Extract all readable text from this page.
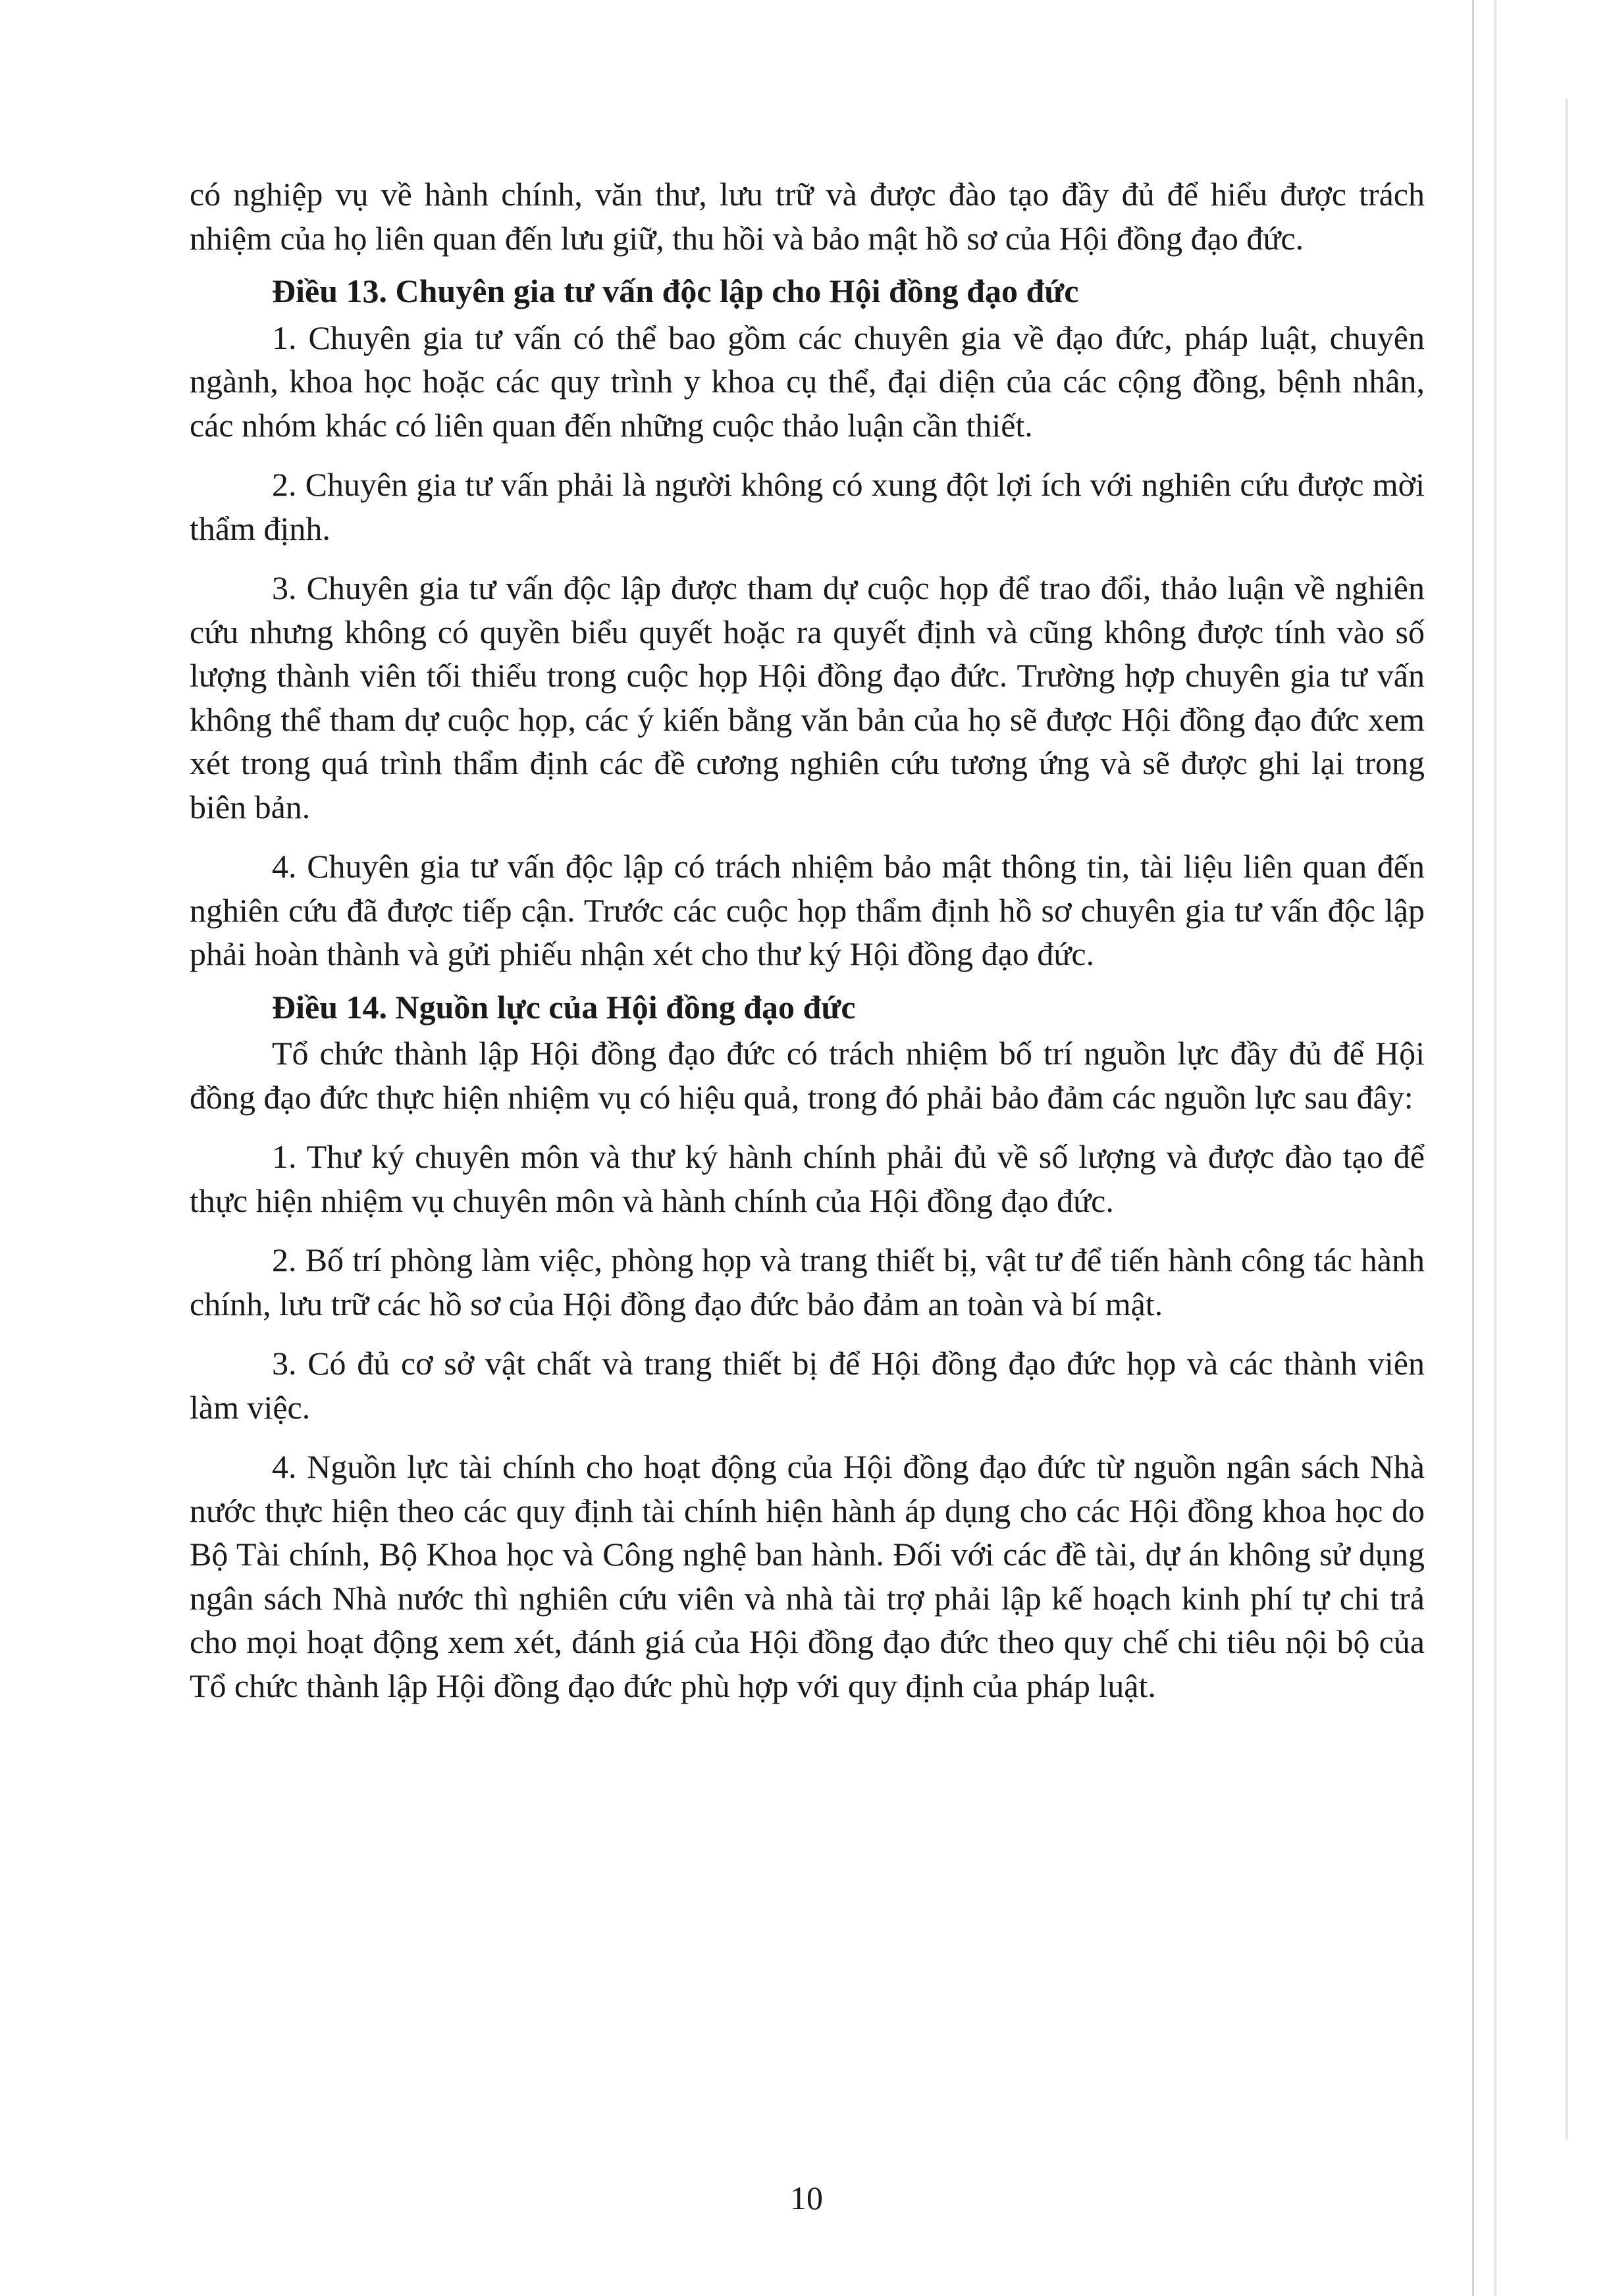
có nghiệp vụ về hành chính, văn thư, lưu trữ và được đào tạo đầy đủ để hiểu được trách nhiệm của họ liên quan đến lưu giữ, thu hồi và bảo mật hồ sơ của Hội đồng đạo đức.

Điều 13. Chuyên gia tư vấn độc lập cho Hội đồng đạo đức

1. Chuyên gia tư vấn có thể bao gồm các chuyên gia về đạo đức, pháp luật, chuyên ngành, khoa học hoặc các quy trình y khoa cụ thể, đại diện của các cộng đồng, bệnh nhân, các nhóm khác có liên quan đến những cuộc thảo luận cần thiết.

2. Chuyên gia tư vấn phải là người không có xung đột lợi ích với nghiên cứu được mời thẩm định.

3. Chuyên gia tư vấn độc lập được tham dự cuộc họp để trao đổi, thảo luận về nghiên cứu nhưng không có quyền biểu quyết hoặc ra quyết định và cũng không được tính vào số lượng thành viên tối thiểu trong cuộc họp Hội đồng đạo đức. Trường hợp chuyên gia tư vấn không thể tham dự cuộc họp, các ý kiến bằng văn bản của họ sẽ được Hội đồng đạo đức xem xét trong quá trình thẩm định các đề cương nghiên cứu tương ứng và sẽ được ghi lại trong biên bản.

4. Chuyên gia tư vấn độc lập có trách nhiệm bảo mật thông tin, tài liệu liên quan đến nghiên cứu đã được tiếp cận. Trước các cuộc họp thẩm định hồ sơ chuyên gia tư vấn độc lập phải hoàn thành và gửi phiếu nhận xét cho thư ký Hội đồng đạo đức.

Điều 14. Nguồn lực của Hội đồng đạo đức

Tổ chức thành lập Hội đồng đạo đức có trách nhiệm bố trí nguồn lực đầy đủ để Hội đồng đạo đức thực hiện nhiệm vụ có hiệu quả, trong đó phải bảo đảm các nguồn lực sau đây:

1. Thư ký chuyên môn và thư ký hành chính phải đủ về số lượng và được đào tạo để thực hiện nhiệm vụ chuyên môn và hành chính của Hội đồng đạo đức.

2. Bố trí phòng làm việc, phòng họp và trang thiết bị, vật tư để tiến hành công tác hành chính, lưu trữ các hồ sơ của Hội đồng đạo đức bảo đảm an toàn và bí mật.

3. Có đủ cơ sở vật chất và trang thiết bị để Hội đồng đạo đức họp và các thành viên làm việc.

4. Nguồn lực tài chính cho hoạt động của Hội đồng đạo đức từ nguồn ngân sách Nhà nước thực hiện theo các quy định tài chính hiện hành áp dụng cho các Hội đồng khoa học do Bộ Tài chính, Bộ Khoa học và Công nghệ ban hành. Đối với các đề tài, dự án không sử dụng ngân sách Nhà nước thì nghiên cứu viên và nhà tài trợ phải lập kế hoạch kinh phí tự chi trả cho mọi hoạt động xem xét, đánh giá của Hội đồng đạo đức theo quy chế chi tiêu nội bộ của Tổ chức thành lập Hội đồng đạo đức phù hợp với quy định của pháp luật.

10
